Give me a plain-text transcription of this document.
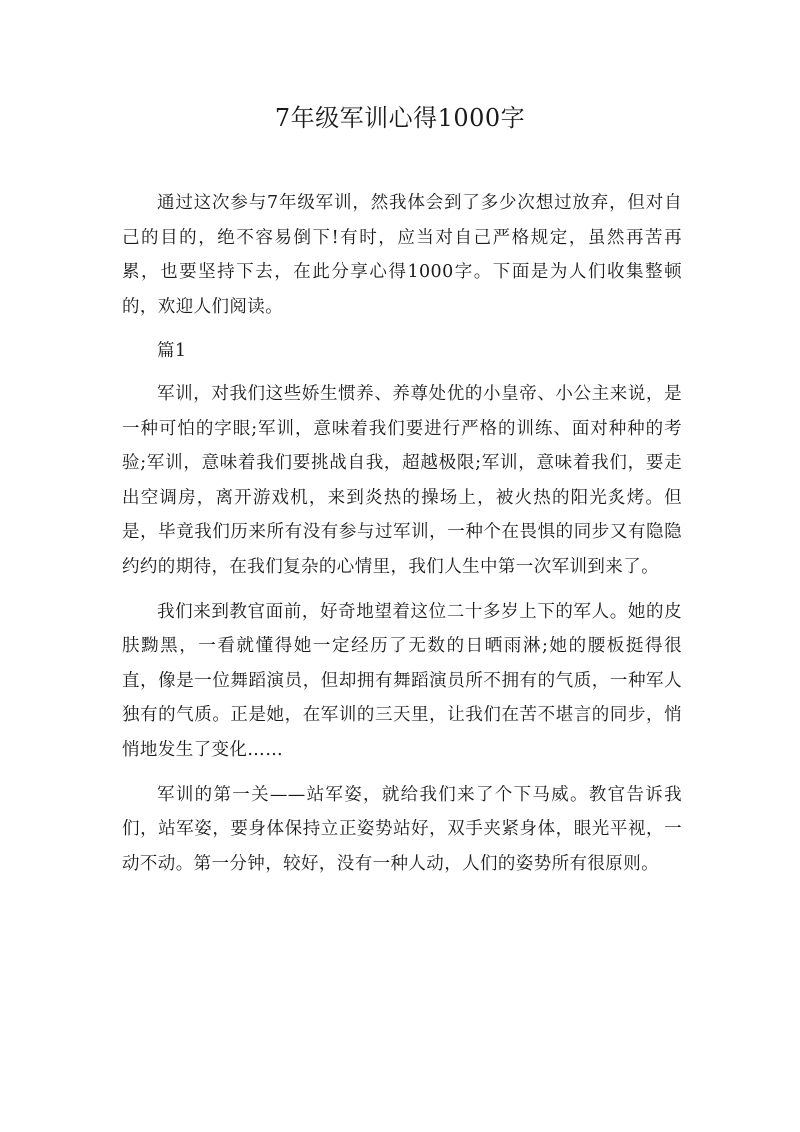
7年级军训心得1000字

通过这次参与7年级军训，然我体会到了多少次想过放弃，但对自己的目的，绝不容易倒下!有时，应当对自己严格规定，虽然再苦再累，也要坚持下去，在此分享心得1000字。下面是为人们收集整顿的，欢迎人们阅读。

篇1

军训，对我们这些娇生惯养、养尊处优的小皇帝、小公主来说，是一种可怕的字眼;军训，意味着我们要进行严格的训练、面对种种的考验;军训，意味着我们要挑战自我，超越极限;军训，意味着我们，要走出空调房，离开游戏机，来到炎热的操场上，被火热的阳光炙烤。但是，毕竟我们历来所有没有参与过军训，一种个在畏惧的同步又有隐隐约约的期待，在我们复杂的心情里，我们人生中第一次军训到来了。

我们来到教官面前，好奇地望着这位二十多岁上下的军人。她的皮肤黝黑，一看就懂得她一定经历了无数的日晒雨淋;她的腰板挺得很直，像是一位舞蹈演员，但却拥有舞蹈演员所不拥有的气质，一种军人独有的气质。正是她，在军训的三天里，让我们在苦不堪言的同步，悄悄地发生了变化……

军训的第一关——站军姿，就给我们来了个下马威。教官告诉我们，站军姿，要身体保持立正姿势站好，双手夹紧身体，眼光平视，一动不动。第一分钟，较好，没有一种人动，人们的姿势所有很原则。
